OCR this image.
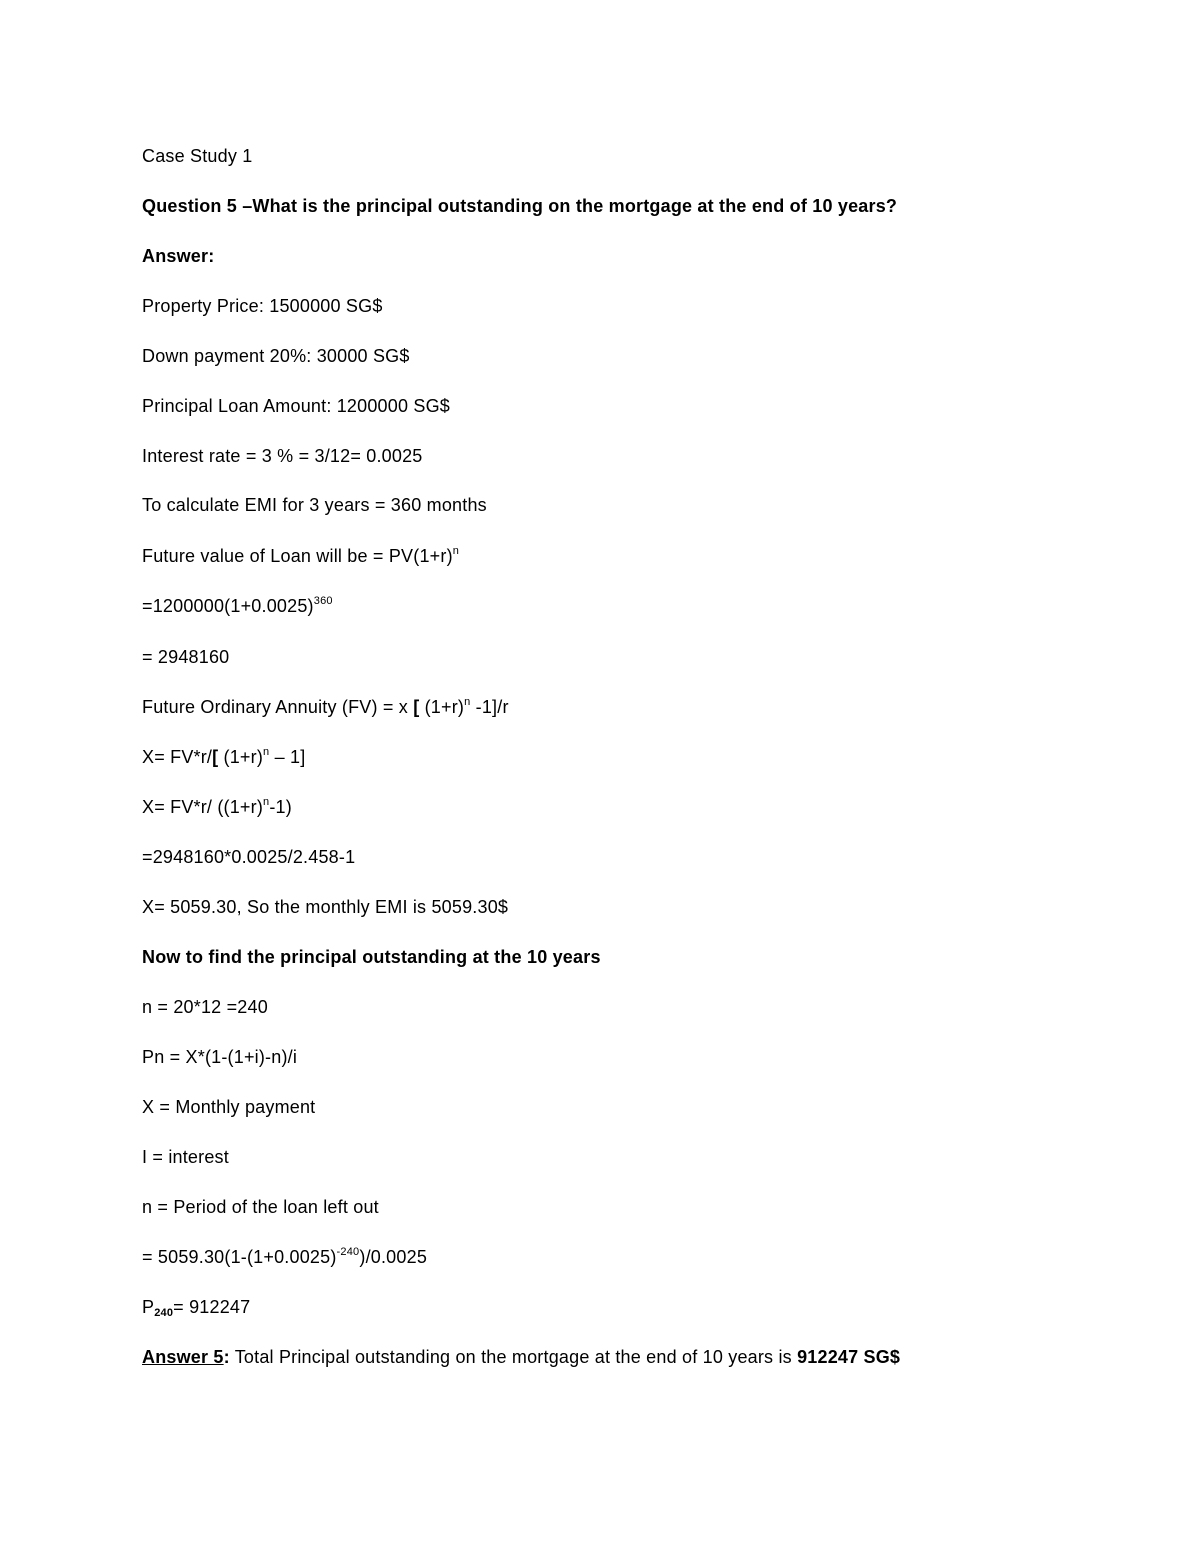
Case Study 1
Question 5 –What is the principal outstanding on the mortgage at the end of 10 years?
Answer:
Property Price: 1500000 SG$
Down payment 20%: 30000 SG$
Principal Loan Amount: 1200000 SG$
Interest rate = 3 % = 3/12= 0.0025
To calculate EMI for 3 years = 360 months
Future value of Loan will be = $PV(1+r)^n$
$=1200000(1+0.0025)^{360}$
= 2948160
Future Ordinary Annuity (FV) = x [ $(1+r)^n$ -1]/r
X= FV*r/[ $(1+r)^n - 1$]
X= FV*r/ $((1+r)^n-1)$
=2948160*0.0025/2.458-1
X= 5059.30, So the monthly EMI is 5059.30$
Now to find the principal outstanding at the 10 years
n = 20*12 =240
Pn = X*(1-(1+i)-n)/i
X = Monthly payment
I = interest
n = Period of the loan left out
= $5059.30(1-(1+0.0025)^{-240})/0.0025$
$P_{240}= 912247$
Answer 5: Total Principal outstanding on the mortgage at the end of 10 years is 912247 SG$
